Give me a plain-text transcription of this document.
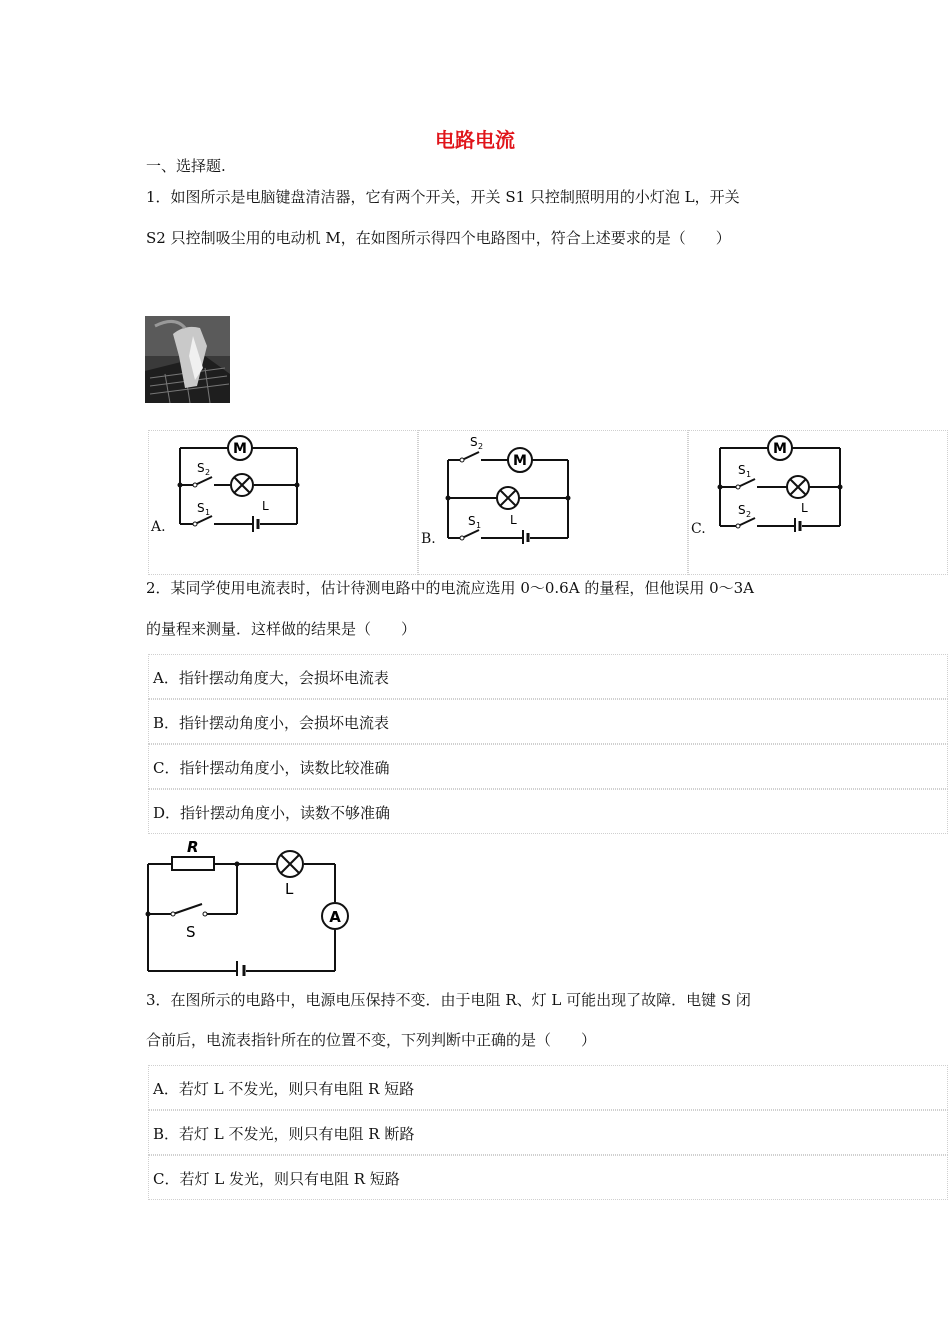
电路电流
一、选择题.
1．如图所示是电脑键盘清洁器，它有两个开关，开关 S1 只控制照明用的小灯泡 L，开关
S2 只控制吸尘用的电动机 M，在如图所示得四个电路图中，符合上述要求的是（　　）
A.
B.
C.
M
L
S 2
S 1
M
L
S 2
S 1
M
L
S 1
S 2
2．某同学使用电流表时，估计待测电路中的电流应选用 0～0.6A 的量程，但他误用 0～3A
的量程来测量．这样做的结果是（　　）
A．指针摆动角度大，会损坏电流表
B．指针摆动角度小，会损坏电流表
C．指针摆动角度小，读数比较准确
D．指针摆动角度小，读数不够准确
R
S
L
A
3．在图所示的电路中，电源电压保持不变．由于电阻 R、灯 L 可能出现了故障．电键 S 闭
合前后，电流表指针所在的位置不变，下列判断中正确的是（　　）
A．若灯 L 不发光，则只有电阻 R 短路
B．若灯 L 不发光，则只有电阻 R 断路
C．若灯 L 发光，则只有电阻 R 短路
